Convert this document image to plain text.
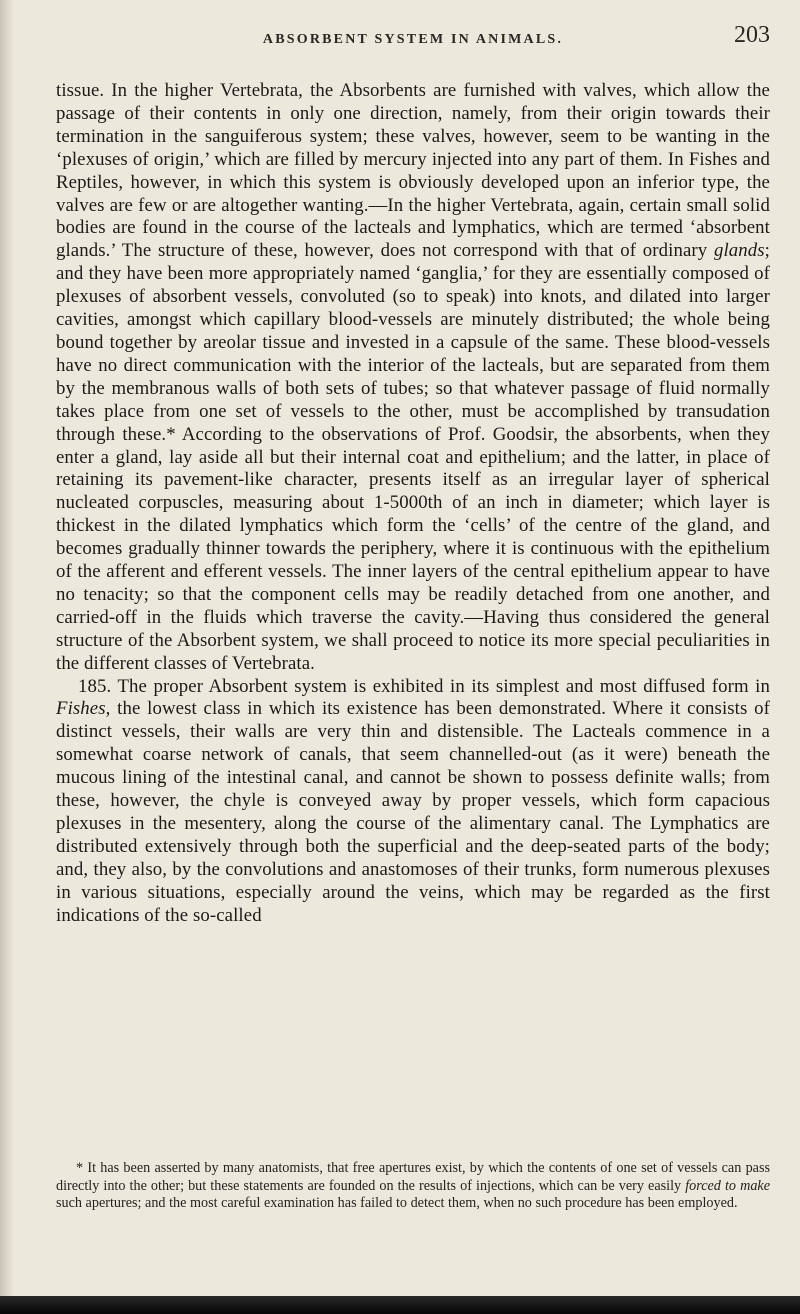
ABSORBENT SYSTEM IN ANIMALS.	203

tissue. In the higher Vertebrata, the Absorbents are furnished with valves, which allow the passage of their contents in only one direction, namely, from their origin towards their termination in the sanguiferous system; these valves, however, seem to be wanting in the ‘plexuses of origin,’ which are filled by mercury injected into any part of them. In Fishes and Reptiles, however, in which this system is obviously developed upon an inferior type, the valves are few or are altogether wanting.—In the higher Vertebrata, again, certain small solid bodies are found in the course of the lacteals and lymphatics, which are termed ‘absorbent glands.’ The structure of these, however, does not correspond with that of ordinary glands; and they have been more appropriately named ‘ganglia,’ for they are essentially composed of plexuses of absorbent vessels, convoluted (so to speak) into knots, and dilated into larger cavities, amongst which capillary blood-vessels are minutely distributed; the whole being bound together by areolar tissue and invested in a capsule of the same. These blood-vessels have no direct communication with the interior of the lacteals, but are separated from them by the membranous walls of both sets of tubes; so that whatever passage of fluid normally takes place from one set of vessels to the other, must be accomplished by transudation through these.* According to the observations of Prof. Goodsir, the absorbents, when they enter a gland, lay aside all but their internal coat and epithelium; and the latter, in place of retaining its pavement-like character, presents itself as an irregular layer of spherical nucleated corpuscles, measuring about 1-5000th of an inch in diameter; which layer is thickest in the dilated lymphatics which form the ‘cells’ of the centre of the gland, and becomes gradually thinner towards the periphery, where it is continuous with the epithelium of the afferent and efferent vessels. The inner layers of the central epithelium appear to have no tenacity; so that the component cells may be readily detached from one another, and carried-off in the fluids which traverse the cavity.—Having thus considered the general structure of the Absorbent system, we shall proceed to notice its more special peculiarities in the different classes of Vertebrata.

185. The proper Absorbent system is exhibited in its simplest and most diffused form in Fishes, the lowest class in which its existence has been demonstrated. Where it consists of distinct vessels, their walls are very thin and distensible. The Lacteals commence in a somewhat coarse network of canals, that seem channelled-out (as it were) beneath the mucous lining of the intestinal canal, and cannot be shown to possess definite walls; from these, however, the chyle is conveyed away by proper vessels, which form capacious plexuses in the mesentery, along the course of the alimentary canal. The Lymphatics are distributed extensively through both the superficial and the deep-seated parts of the body; and, they also, by the convolutions and anastomoses of their trunks, form numerous plexuses in various situations, especially around the veins, which may be regarded as the first indications of the so-called

* It has been asserted by many anatomists, that free apertures exist, by which the contents of one set of vessels can pass directly into the other; but these statements are founded on the results of injections, which can be very easily forced to make such apertures; and the most careful examination has failed to detect them, when no such procedure has been employed.
